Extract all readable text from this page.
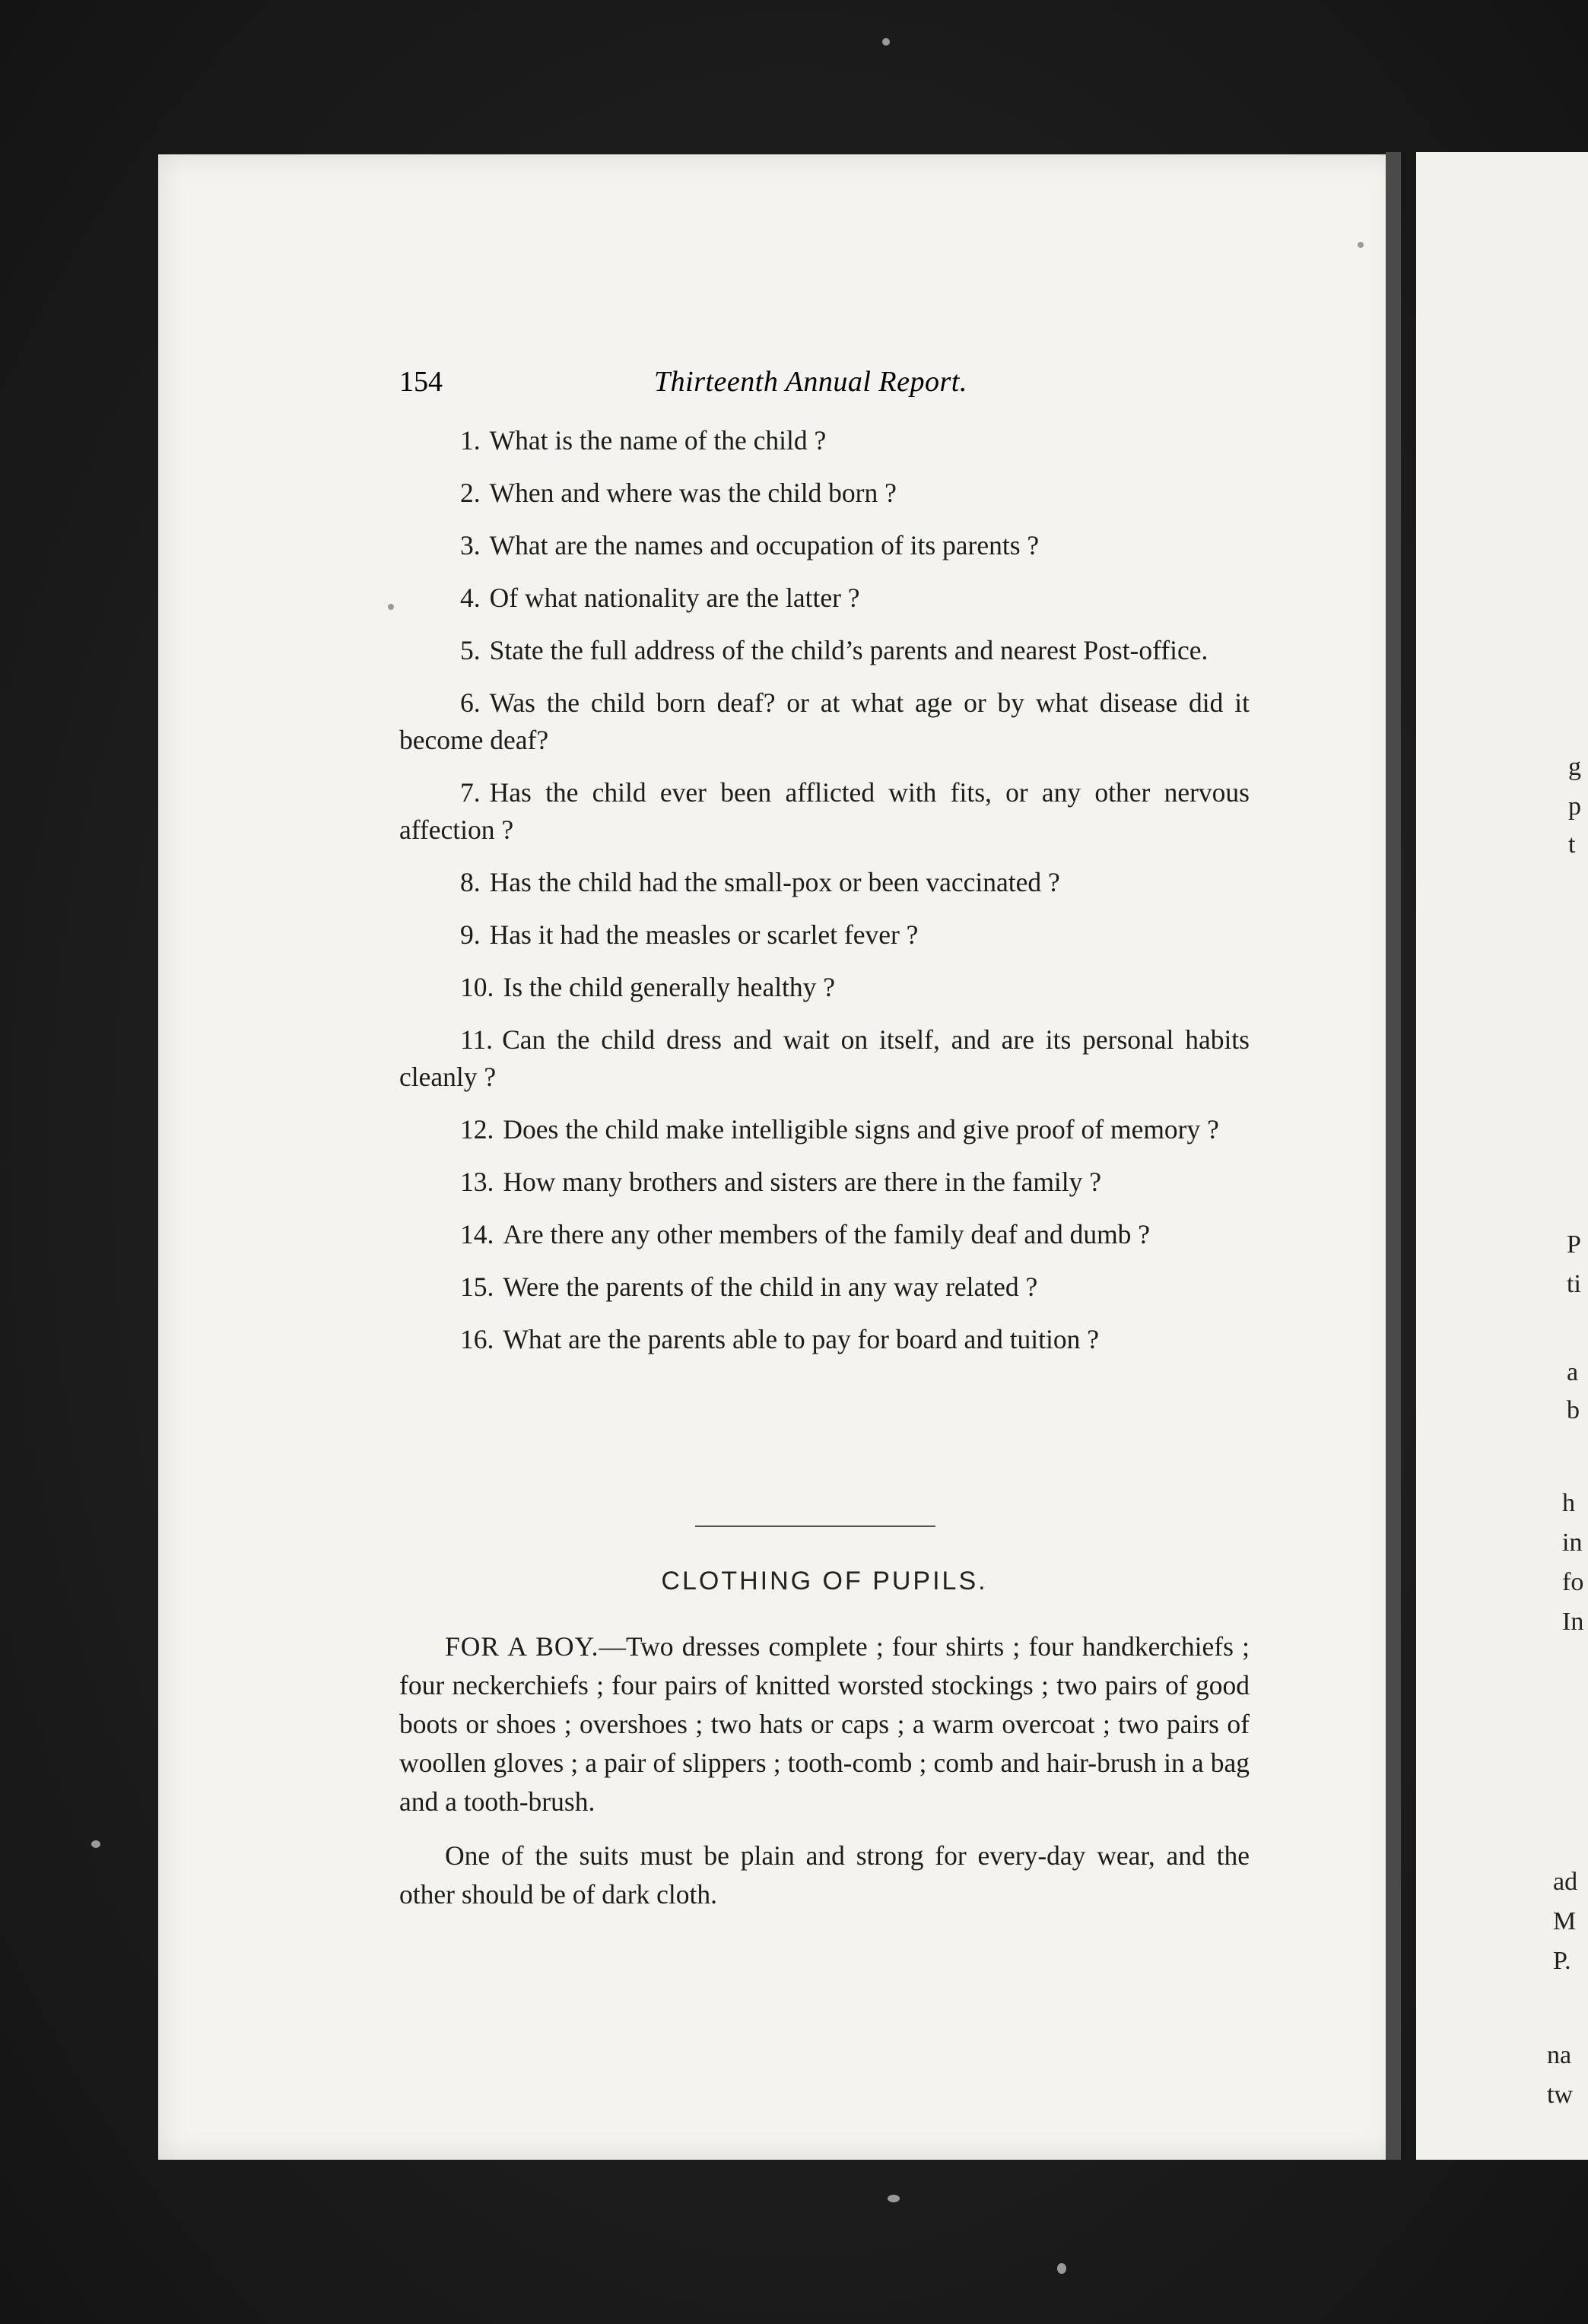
g
p
t
P
ti
a
b
h
in
fo
In
ad
M
P.
na
tw
154	Thirteenth Annual Report.

1. What is the name of the child ?

2. When and where was the child born ?

3. What are the names and occupation of its parents ?

4. Of what nationality are the latter ?

5. State the full address of the child’s parents and nearest Post-office.

6. Was the child born deaf? or at what age or by what disease did it become deaf?

7. Has the child ever been afflicted with fits, or any other nervous affection ?

8. Has the child had the small-pox or been vaccinated ?

9. Has it had the measles or scarlet fever ?

10. Is the child generally healthy ?

11. Can the child dress and wait on itself, and are its personal habits cleanly ?

12. Does the child make intelligible signs and give proof of memory ?

13. How many brothers and sisters are there in the family ?

14. Are there any other members of the family deaf and dumb ?

15. Were the parents of the child in any way related ?

16. What are the parents able to pay for board and tuition ?

CLOTHING OF PUPILS.

FOR A BOY.—Two dresses complete ; four shirts ; four handkerchiefs ; four neckerchiefs ; four pairs of knitted worsted stockings ; two pairs of good boots or shoes ; overshoes ; two hats or caps ; a warm overcoat ; two pairs of woollen gloves ; a pair of slippers ; tooth-comb ; comb and hair-brush in a bag and a tooth-brush.

One of the suits must be plain and strong for every-day wear, and the other should be of dark cloth.
